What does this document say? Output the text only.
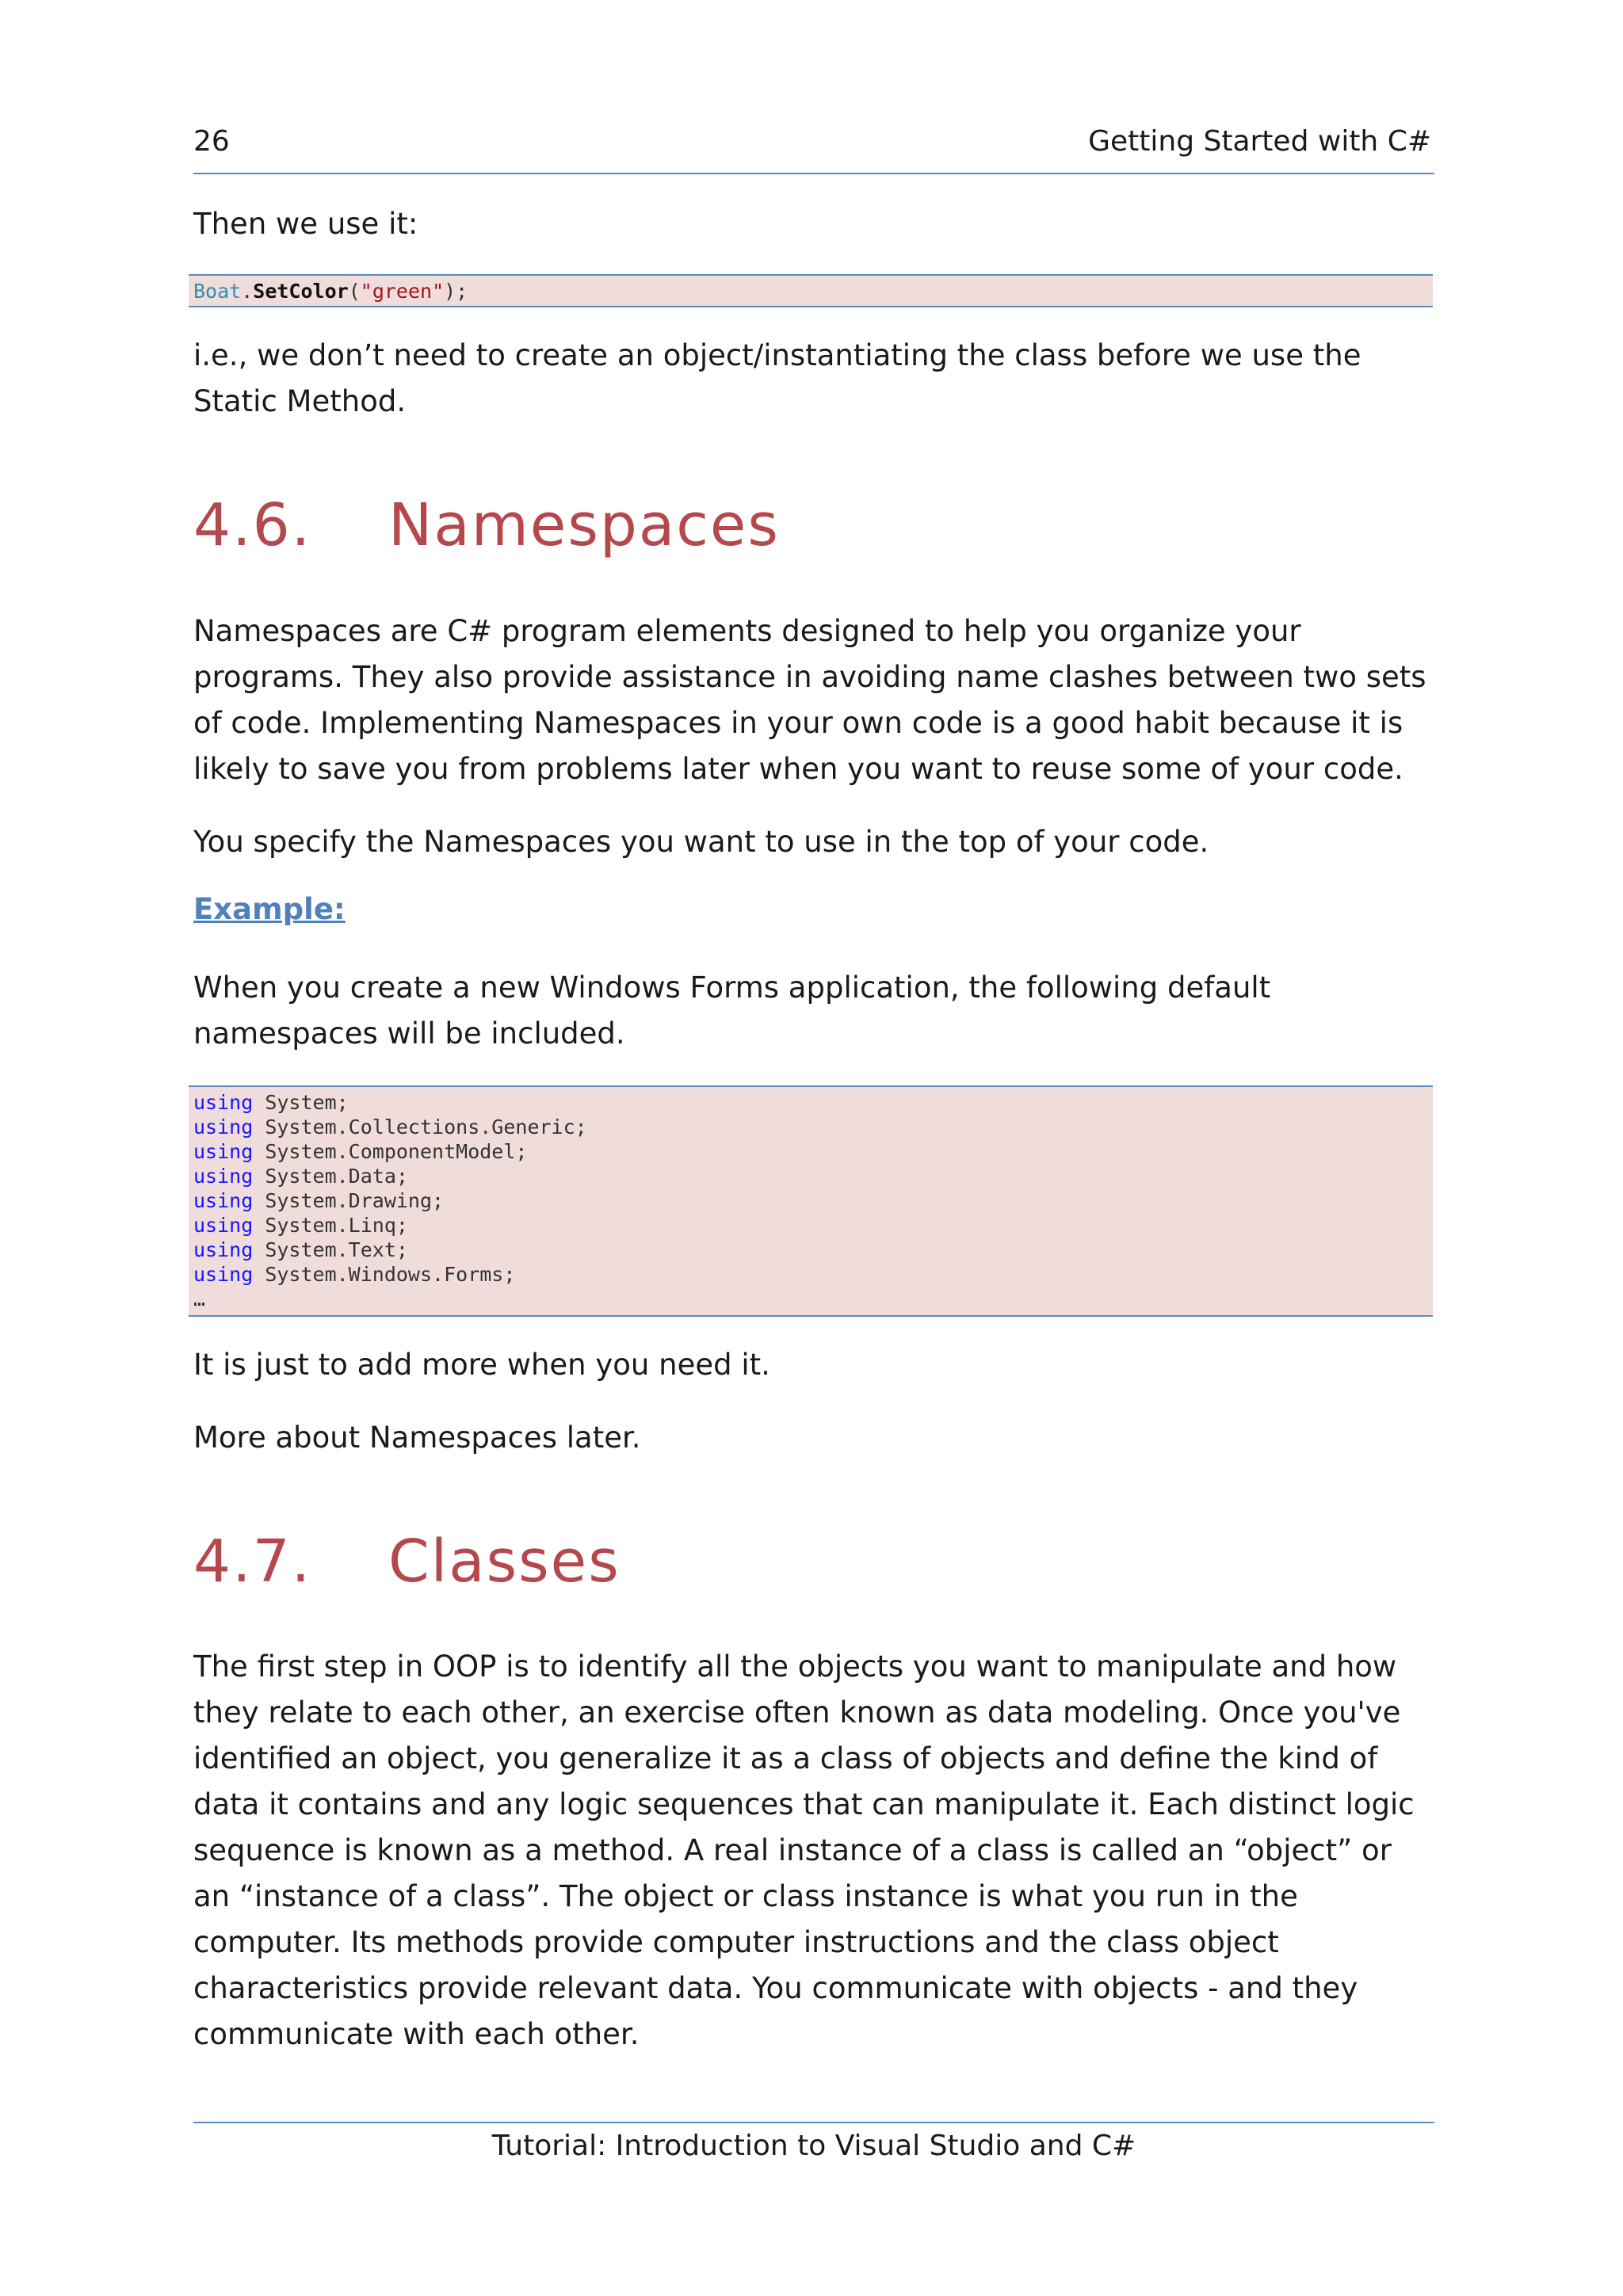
26	Getting Started with C#

Then we use it:

Boat.SetColor("green");

i.e., we don’t need to create an object/instantiating the class before we use the Static Method.

4.6. Namespaces

Namespaces are C# program elements designed to help you organize your programs. They also provide assistance in avoiding name clashes between two sets of code. Implementing Namespaces in your own code is a good habit because it is likely to save you from problems later when you want to reuse some of your code.

You specify the Namespaces you want to use in the top of your code.

Example:

When you create a new Windows Forms application, the following default namespaces will be included.

using System;
using System.Collections.Generic;
using System.ComponentModel;
using System.Data;
using System.Drawing;
using System.Linq;
using System.Text;
using System.Windows.Forms;
…

It is just to add more when you need it.

More about Namespaces later.

4.7. Classes

The first step in OOP is to identify all the objects you want to manipulate and how they relate to each other, an exercise often known as data modeling. Once you've identified an object, you generalize it as a class of objects and define the kind of data it contains and any logic sequences that can manipulate it. Each distinct logic sequence is known as a method. A real instance of a class is called an “object” or an “instance of a class”. The object or class instance is what you run in the computer. Its methods provide computer instructions and the class object characteristics provide relevant data. You communicate with objects - and they communicate with each other.

Tutorial: Introduction to Visual Studio and C#
